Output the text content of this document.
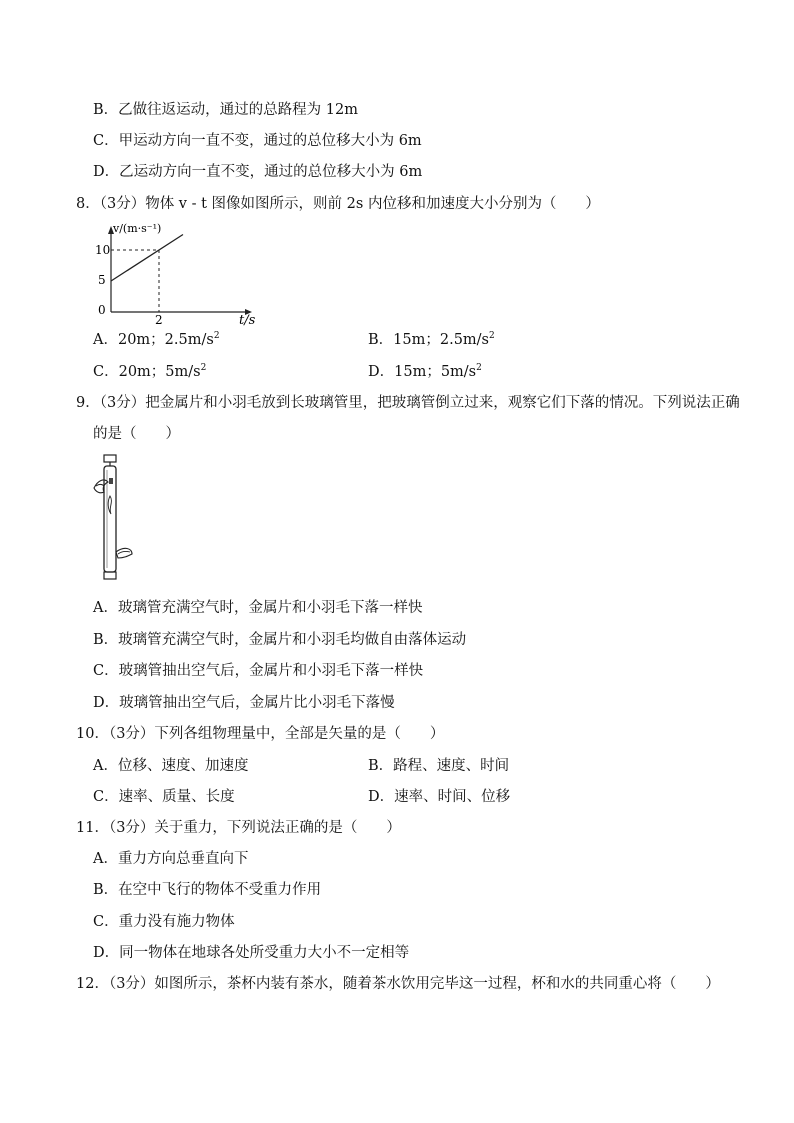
B．乙做往返运动，通过的总路程为 12m
C．甲运动方向一直不变，通过的总位移大小为 6m
D．乙运动方向一直不变，通过的总位移大小为 6m
8．（3分）物体 v - t 图像如图所示，则前 2s 内位移和加速度大小分别为（　　）
v/(m·s⁻¹)
10
5
0
2	t/s
A．20m；$2.5m/s^2$	B．15m；$2.5m/s^2$
C．20m；$5m/s^2$	D．15m；$5m/s^2$
9．（3分）把金属片和小羽毛放到长玻璃管里，把玻璃管倒立过来，观察它们下落的情况。下列说法正确
的是（　　）
A．玻璃管充满空气时，金属片和小羽毛下落一样快
B．玻璃管充满空气时，金属片和小羽毛均做自由落体运动
C．玻璃管抽出空气后，金属片和小羽毛下落一样快
D．玻璃管抽出空气后，金属片比小羽毛下落慢
10．（3分）下列各组物理量中，全部是矢量的是（　　）
A．位移、速度、加速度	B．路程、速度、时间
C．速率、质量、长度	D．速率、时间、位移
11．（3分）关于重力，下列说法正确的是（　　）
A．重力方向总垂直向下
B．在空中飞行的物体不受重力作用
C．重力没有施力物体
D．同一物体在地球各处所受重力大小不一定相等
12．（3分）如图所示，茶杯内装有茶水，随着茶水饮用完毕这一过程，杯和水的共同重心将（　　）
